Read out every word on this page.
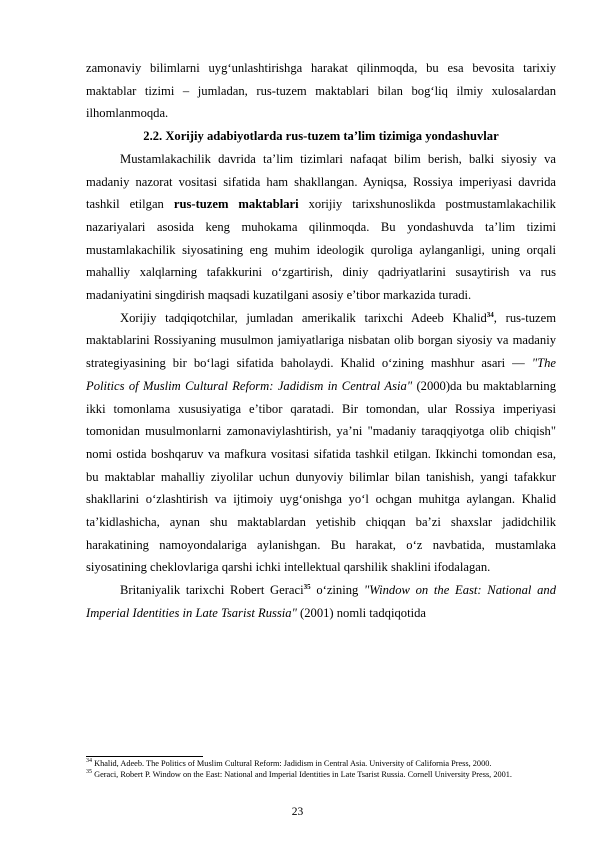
zamonaviy bilimlarni uyg‘unlashtirishga harakat qilinmoqda, bu esa bevosita tarixiy maktablar tizimi – jumladan, rus-tuzem maktablari bilan bog‘liq ilmiy xulosalardan ilhomlanmoqda.

2.2. Xorijiy adabiyotlarda rus-tuzem ta’lim tizimiga yondashuvlar

Mustamlakachilik davrida ta’lim tizimlari nafaqat bilim berish, balki siyosiy va madaniy nazorat vositasi sifatida ham shakllangan. Ayniqsa, Rossiya imperiyasi davrida tashkil etilgan rus-tuzem maktablari xorijiy tarixshunoslikda postmustamlakachilik nazariyalari asosida keng muhokama qilinmoqda. Bu yondashuvda ta’lim tizimi mustamlakachilik siyosatining eng muhim ideologik quroliga aylanganligi, uning orqali mahalliy xalqlarning tafakkurini o‘zgartirish, diniy qadriyatlarini susaytirish va rus madaniyatini singdirish maqsadi kuzatilgani asosiy e’tibor markazida turadi.

Xorijiy tadqiqotchilar, jumladan amerikalik tarixchi Adeeb Khalid$^{34}$, rus-tuzem maktablarini Rossiyaning musulmon jamiyatlariga nisbatan olib borgan siyosiy va madaniy strategiyasining bir bo‘lagi sifatida baholaydi. Khalid o‘zining mashhur asari — "The Politics of Muslim Cultural Reform: Jadidism in Central Asia" (2000)da bu maktablarning ikki tomonlama xususiyatiga e’tibor qaratadi. Bir tomondan, ular Rossiya imperiyasi tomonidan musulmonlarni zamonaviylashtirish, ya’ni "madaniy taraqqiyotga olib chiqish" nomi ostida boshqaruv va mafkura vositasi sifatida tashkil etilgan. Ikkinchi tomondan esa, bu maktablar mahalliy ziyolilar uchun dunyoviy bilimlar bilan tanishish, yangi tafakkur shakllarini o‘zlashtirish va ijtimoiy uyg‘onishga yo‘l ochgan muhitga aylangan. Khalid ta’kidlashicha, aynan shu maktablardan yetishib chiqqan ba’zi shaxslar jadidchilik harakatining namoyondalariga aylanishgan. Bu harakat, o‘z navbatida, mustamlaka siyosatining cheklovlariga qarshi ichki intellektual qarshilik shaklini ifodalagan.

Britaniyalik tarixchi Robert Geraci$^{35}$ o‘zining "Window on the East: National and Imperial Identities in Late Tsarist Russia" (2001) nomli tadqiqotida

$^{34}$ Khalid, Adeeb. The Politics of Muslim Cultural Reform: Jadidism in Central Asia. University of California Press, 2000.

$^{35}$ Geraci, Robert P. Window on the East: National and Imperial Identities in Late Tsarist Russia. Cornell University Press, 2001.

23
